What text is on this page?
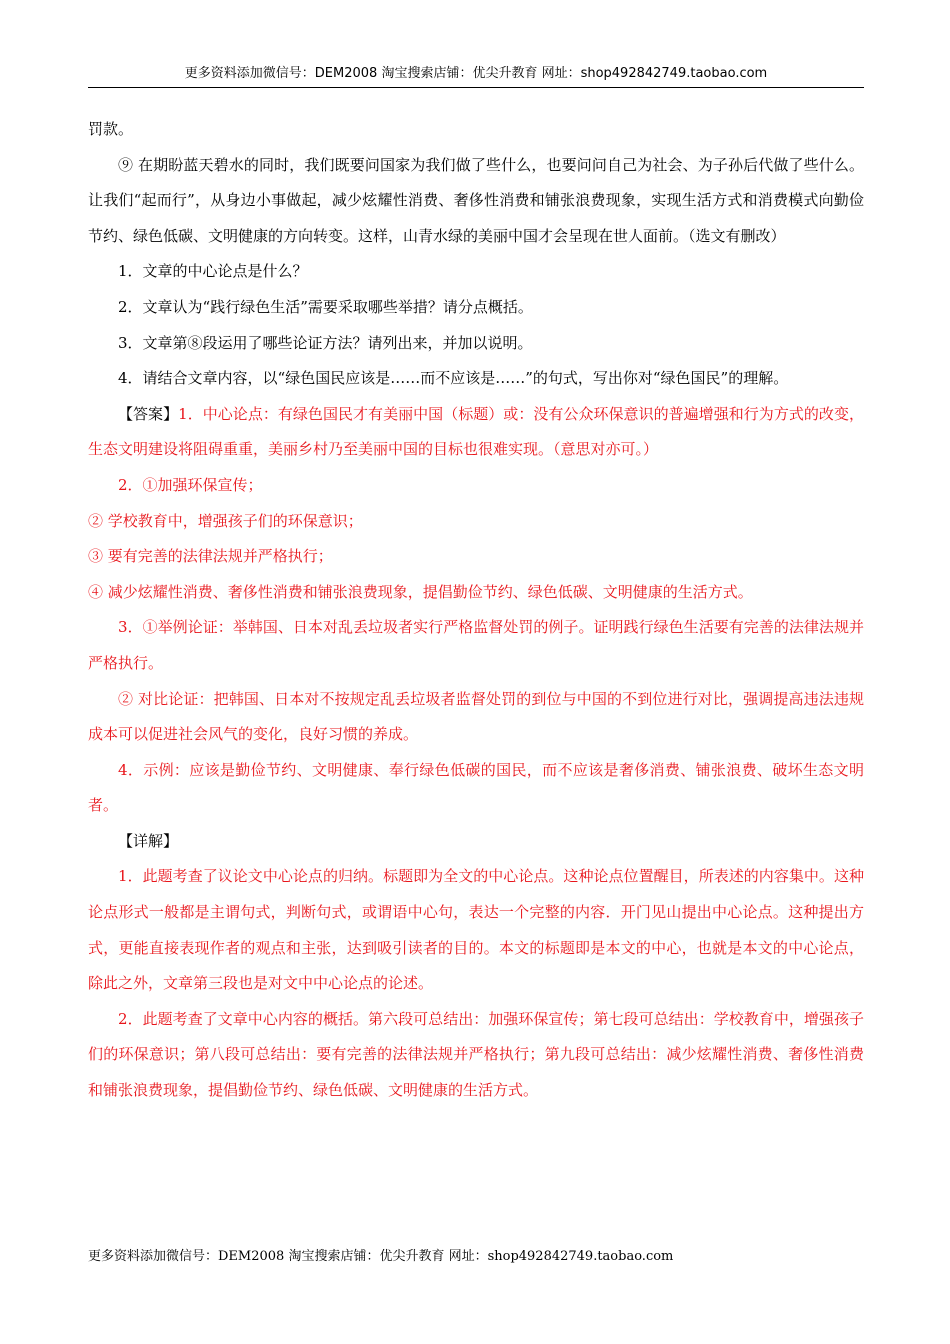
更多资料添加微信号：DEM2008 淘宝搜索店铺：优尖升教育 网址：shop492842749.taobao.com

罚款。

⑨ 在期盼蓝天碧水的同时，我们既要问国家为我们做了些什么，也要问问自己为社会、为子孙后代做了些什么。让我们“起而行”，从身边小事做起，减少炫耀性消费、奢侈性消费和铺张浪费现象，实现生活方式和消费模式向勤俭节约、绿色低碳、文明健康的方向转变。这样，山青水绿的美丽中国才会呈现在世人面前。（选文有删改）

1．文章的中心论点是什么？

2．文章认为“践行绿色生活”需要采取哪些举措？请分点概括。

3．文章第⑧段运用了哪些论证方法？请列出来，并加以说明。

4．请结合文章内容，以“绿色国民应该是……而不应该是……”的句式，写出你对“绿色国民”的理解。

【答案】1．中心论点：有绿色国民才有美丽中国（标题）或：没有公众环保意识的普遍增强和行为方式的改变，生态文明建设将阻碍重重，美丽乡村乃至美丽中国的目标也很难实现。（意思对亦可。）

2．①加强环保宣传；

② 学校教育中，增强孩子们的环保意识；

③ 要有完善的法律法规并严格执行；

④ 减少炫耀性消费、奢侈性消费和铺张浪费现象，提倡勤俭节约、绿色低碳、文明健康的生活方式。

3．①举例论证：举韩国、日本对乱丢垃圾者实行严格监督处罚的例子。证明践行绿色生活要有完善的法律法规并严格执行。

② 对比论证：把韩国、日本对不按规定乱丢垃圾者监督处罚的到位与中国的不到位进行对比，强调提高违法违规成本可以促进社会风气的变化，良好习惯的养成。

4．示例：应该是勤俭节约、文明健康、奉行绿色低碳的国民，而不应该是奢侈消费、铺张浪费、破坏生态文明者。

【详解】

1．此题考查了议论文中心论点的归纳。标题即为全文的中心论点。这种论点位置醒目，所表述的内容集中。这种论点形式一般都是主谓句式，判断句式，或谓语中心句，表达一个完整的内容．开门见山提出中心论点。这种提出方式，更能直接表现作者的观点和主张，达到吸引读者的目的。本文的标题即是本文的中心，也就是本文的中心论点，除此之外，文章第三段也是对文中中心论点的论述。

2．此题考查了文章中心内容的概括。第六段可总结出：加强环保宣传；第七段可总结出：学校教育中，增强孩子们的环保意识；第八段可总结出：要有完善的法律法规并严格执行；第九段可总结出：减少炫耀性消费、奢侈性消费和铺张浪费现象，提倡勤俭节约、绿色低碳、文明健康的生活方式。

更多资料添加微信号：DEM2008 淘宝搜索店铺：优尖升教育 网址：shop492842749.taobao.com
